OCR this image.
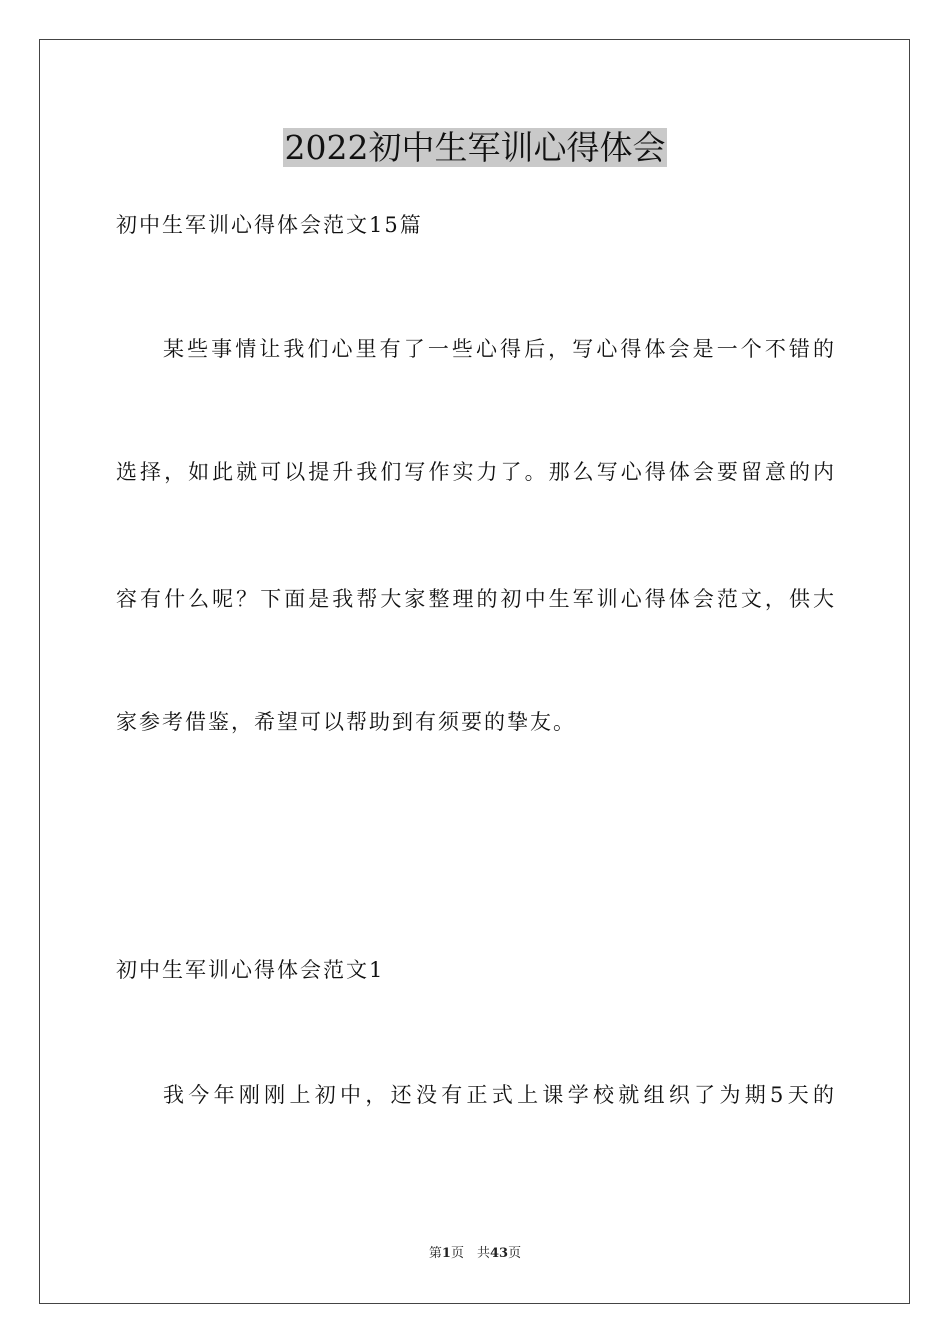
2022初中生军训心得体会
初中生军训心得体会范文15篇
某些事情让我们心里有了一些心得后，写心得体会是一个不错的
选择，如此就可以提升我们写作实力了。那么写心得体会要留意的内
容有什么呢？下面是我帮大家整理的初中生军训心得体会范文，供大
家参考借鉴，希望可以帮助到有须要的挚友。
初中生军训心得体会范文1
我今年刚刚上初中，还没有正式上课学校就组织了为期5天的
第1页　共43页
